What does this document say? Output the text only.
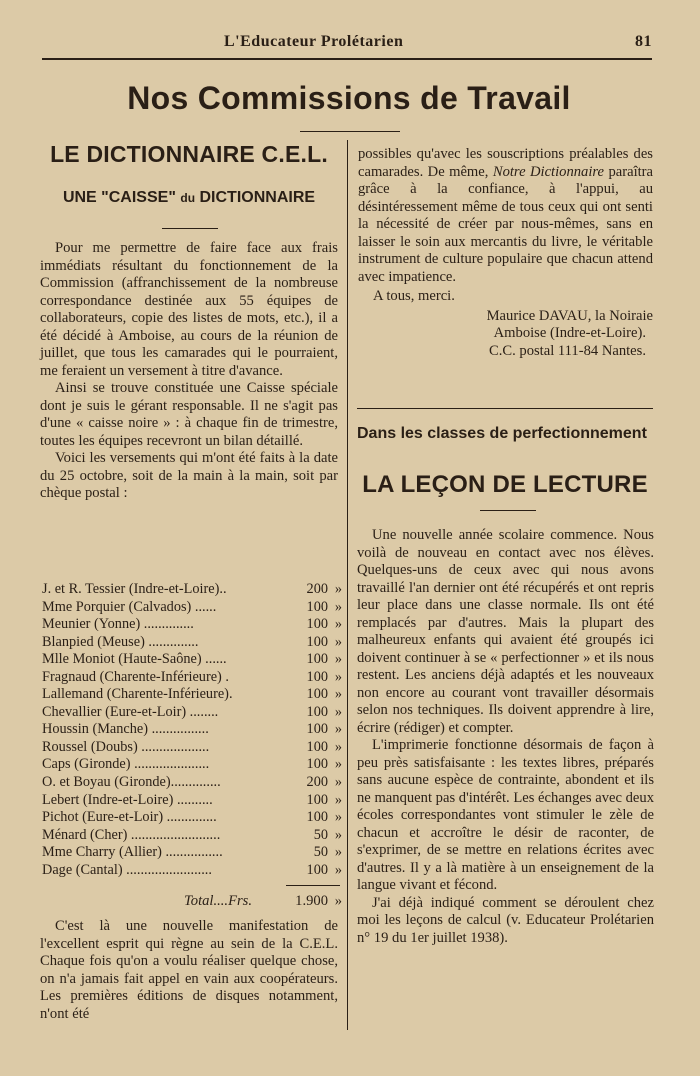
L'Educateur Prolétarien	81
Nos Commissions de Travail
LE DICTIONNAIRE C.E.L.
UNE "CAISSE" du DICTIONNAIRE

Pour me permettre de faire face aux frais immédiats résultant du fonctionnement de la Commission (affranchissement de la nombreuse correspondance destinée aux 55 équipes de collaborateurs, copie des listes de mots, etc.), il a été décidé à Amboise, au cours de la réunion de juillet, que tous les camarades qui le pourraient, me feraient un versement à titre d'avance.

Ainsi se trouve constituée une Caisse spéciale dont je suis le gérant responsable. Il ne s'agit pas d'une « caisse noire » : à chaque fin de trimestre, toutes les équipes recevront un bilan détaillé.

Voici les versements qui m'ont été faits à la date du 25 octobre, soit de la main à la main, soit par chèque postal :

J. et R. Tessier (Indre-et-Loire)..	200 »
Mme Porquier (Calvados) ......	100 »
Meunier (Yonne) ..............	100 »
Blanpied (Meuse) ..............	100 »
Mlle Moniot (Haute-Saône) ......	100 »
Fragnaud (Charente-Inférieure) .	100 »
Lallemand (Charente-Inférieure).	100 »
Chevallier (Eure-et-Loir) ........	100 »
Houssin (Manche) ................	100 »
Roussel (Doubs) ...................	100 »
Caps (Gironde) .....................	100 »
O. et Boyau (Gironde)..............	200 »
Lebert (Indre-et-Loire) ..........	100 »
Pichot (Eure-et-Loir) ..............	100 »
Ménard (Cher) .........................	50 »
Mme Charry (Allier) ................	50 »
Dage (Cantal) ........................	100 »
Total....Frs.	1.900 »

C'est là une nouvelle manifestation de l'excellent esprit qui règne au sein de la C.E.L. Chaque fois qu'on a voulu réaliser quelque chose, on n'a jamais fait appel en vain aux coopérateurs. Les premières éditions de disques notamment, n'ont été

possibles qu'avec les souscriptions préalables des camarades. De même, Notre Dictionnaire paraîtra grâce à la confiance, à l'appui, au désintéressement même de tous ceux qui ont senti la nécessité de créer par nous-mêmes, sans en laisser le soin aux mercantis du livre, le véritable instrument de culture populaire que chacun attend avec impatience.

A tous, merci.

Maurice DAVAU, la Noiraie

Amboise (Indre-et-Loire).

C.C. postal 111-84 Nantes.

Dans les classes de perfectionnement
LA LEÇON DE LECTURE

Une nouvelle année scolaire commence. Nous voilà de nouveau en contact avec nos élèves. Quelques-uns de ceux avec qui nous avons travaillé l'an dernier ont été récupérés et ont repris leur place dans une classe normale. Ils ont été remplacés par d'autres. Mais la plupart des malheureux enfants qui avaient été groupés ici doivent continuer à se « perfectionner » et ils nous restent. Les anciens déjà adaptés et les nouveaux non encore au courant vont travailler désormais selon nos techniques. Ils doivent apprendre à lire, écrire (rédiger) et compter.

L'imprimerie fonctionne désormais de façon à peu près satisfaisante : les textes libres, préparés sans aucune espèce de contrainte, abondent et ils ne manquent pas d'intérêt. Les échanges avec deux écoles correspondantes vont stimuler le zèle de chacun et accroître le désir de raconter, de s'exprimer, de se mettre en relations écrites avec d'autres. Il y a là matière à un enseignement de la langue vivant et fécond.

J'ai déjà indiqué comment se déroulent chez moi les leçons de calcul (v. Educateur Prolétarien n° 19 du 1er juillet 1938).
